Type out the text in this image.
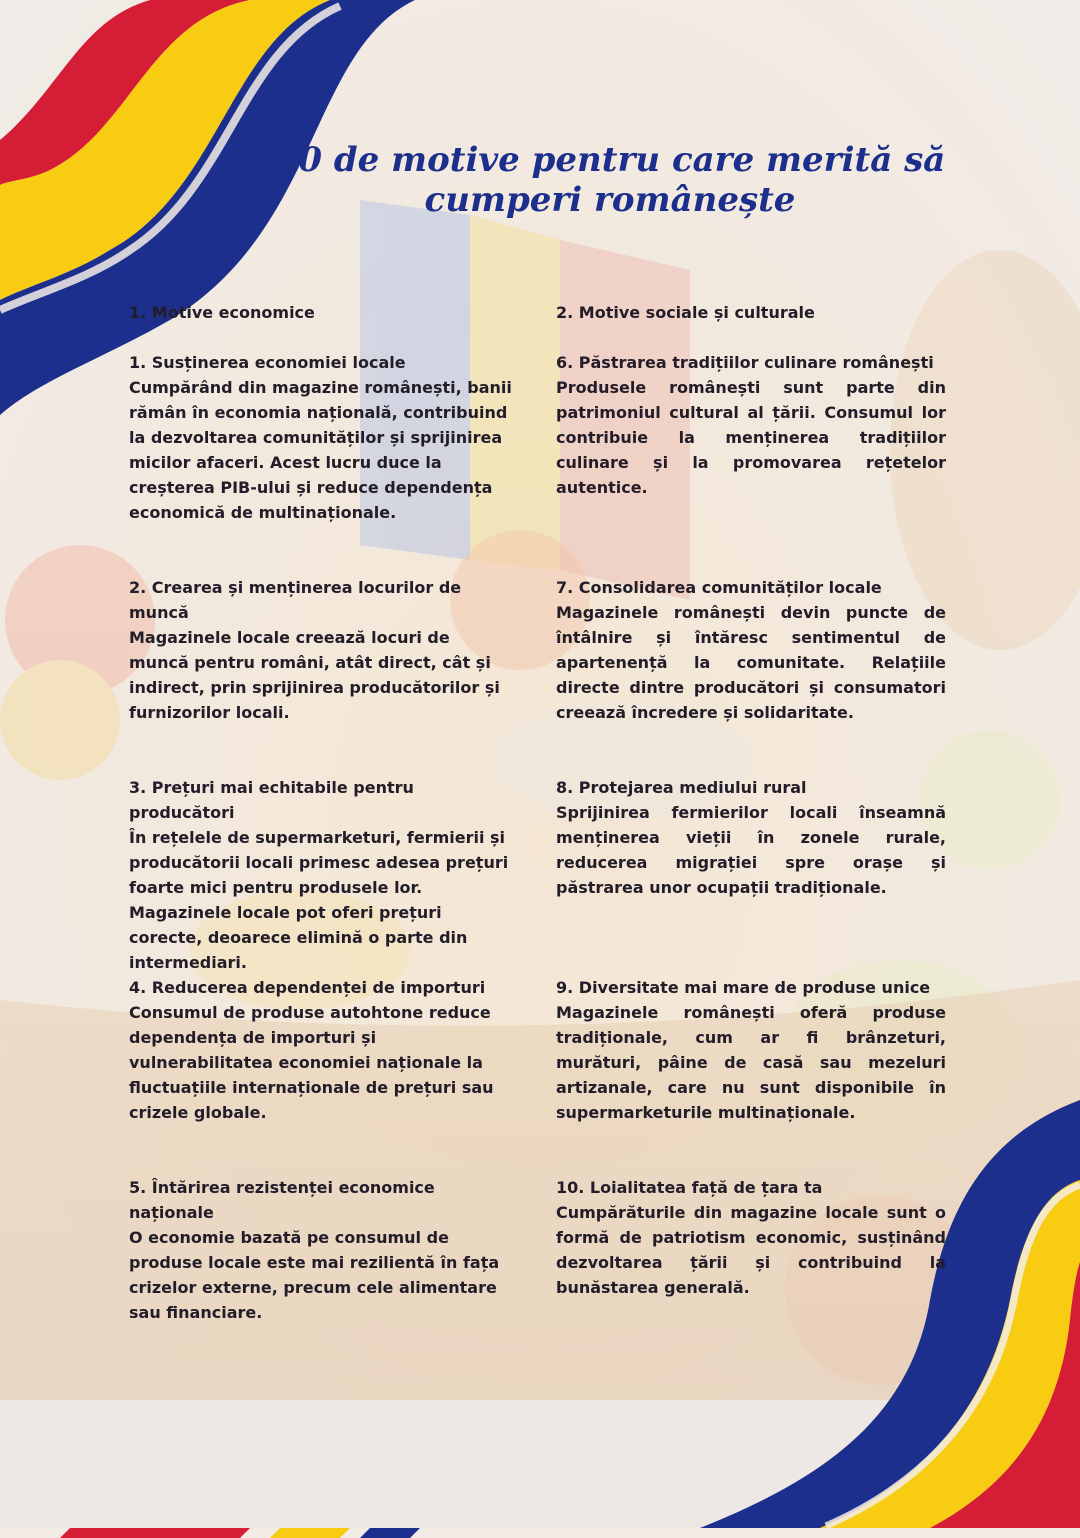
20 de motive pentru care merită să cumperi românește

1. Motive economice

1. Susținerea economiei locale
Cumpărând din magazine românești, banii rămân în economia națională, contribuind la dezvoltarea comunităților și sprijinirea micilor afaceri. Acest lucru duce la creșterea PIB-ului și reduce dependența economică de multinaționale.
2. Crearea și menținerea locurilor de muncă
Magazinele locale creează locuri de muncă pentru români, atât direct, cât și indirect, prin sprijinirea producătorilor și furnizorilor locali.
3. Prețuri mai echitabile pentru producători
În rețelele de supermarketuri, fermierii și producătorii locali primesc adesea prețuri foarte mici pentru produsele lor. Magazinele locale pot oferi prețuri corecte, deoarece elimină o parte din intermediari.
4. Reducerea dependenței de importuri
Consumul de produse autohtone reduce dependența de importuri și vulnerabilitatea economiei naționale la fluctuațiile internaționale de prețuri sau crizele globale.
5. Întărirea rezistenței economice naționale
O economie bazată pe consumul de produse locale este mai rezilientă în fața crizelor externe, precum cele alimentare sau financiare.

2. Motive sociale și culturale

6. Păstrarea tradițiilor culinare românești
Produsele românești sunt parte din patrimoniul cultural al țării. Consumul lor contribuie la menținerea tradițiilor culinare și la promovarea rețetelor autentice.
7. Consolidarea comunităților locale
Magazinele românești devin puncte de întâlnire și întăresc sentimentul de apartenență la comunitate. Relațiile directe dintre producători și consumatori creează încredere și solidaritate.
8. Protejarea mediului rural
Sprijinirea fermierilor locali înseamnă menținerea vieții în zonele rurale, reducerea migrației spre orașe și păstrarea unor ocupații tradiționale.
9. Diversitate mai mare de produse unice
Magazinele românești oferă produse tradiționale, cum ar fi brânzeturi, murături, pâine de casă sau mezeluri artizanale, care nu sunt disponibile în supermarketurile multinaționale.
10. Loialitatea față de țara ta
Cumpărăturile din magazine locale sunt o formă de patriotism economic, susținând dezvoltarea țării și contribuind la bunăstarea generală.
